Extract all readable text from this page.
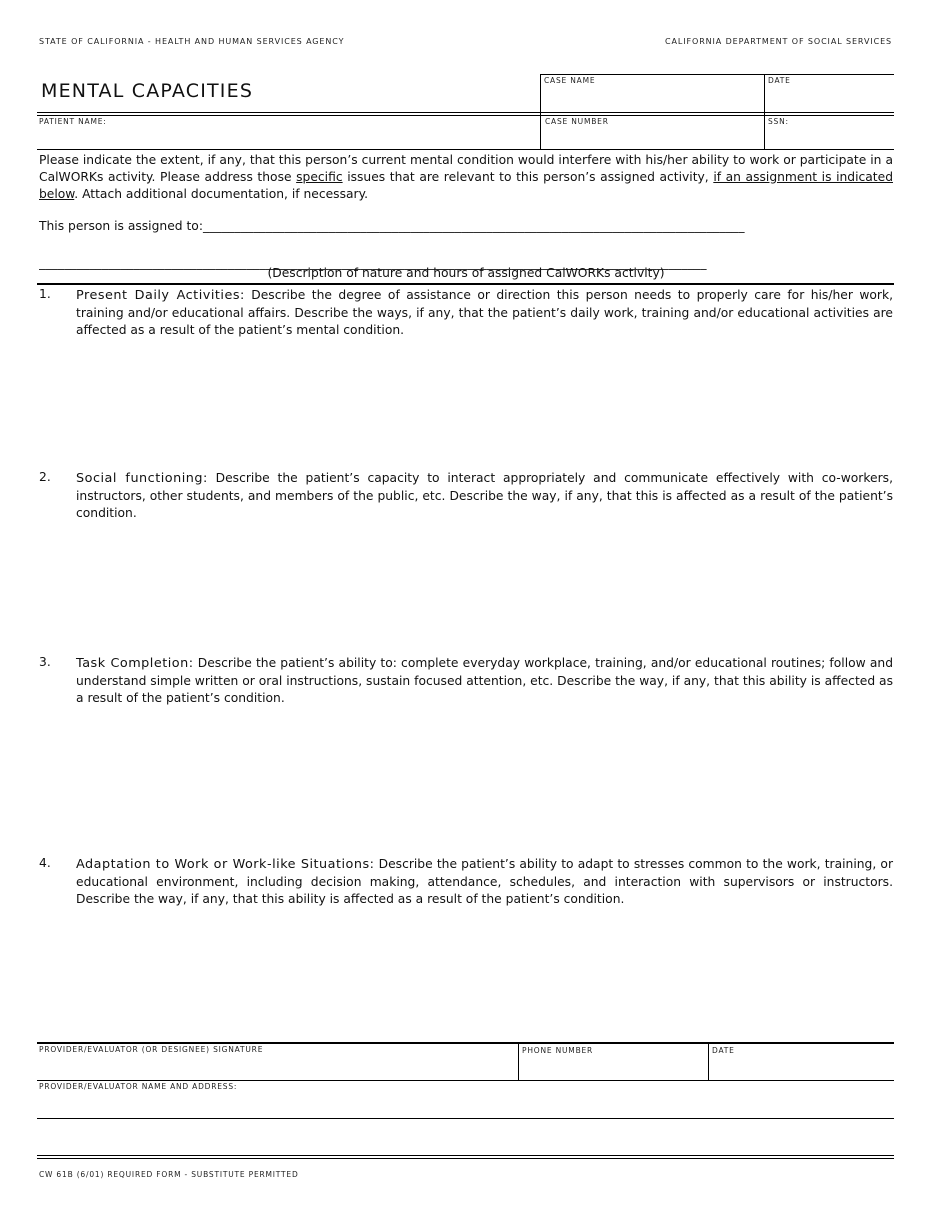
STATE OF CALIFORNIA - HEALTH AND HUMAN SERVICES AGENCY	CALIFORNIA DEPARTMENT OF SOCIAL SERVICES
MENTAL CAPACITIES	CASE NAME	DATE
PATIENT NAME:	CASE NUMBER	SSN:
Please indicate the extent, if any, that this person’s current mental condition would interfere with his/her ability to work or participate in a CalWORKs activity. Please address those specific issues that are relevant to this person’s assigned activity, if an assignment is indicated below. Attach additional documentation, if necessary.
This person is assigned to:______________________________________________________________________________________
__________________________________________________________________________________________________________
(Description of nature and hours of assigned CalWORKs activity)
1. Present Daily Activities: Describe the degree of assistance or direction this person needs to properly care for his/her work, training and/or educational affairs. Describe the ways, if any, that the patient’s daily work, training and/or educational activities are affected as a result of the patient’s mental condition.
2. Social functioning: Describe the patient’s capacity to interact appropriately and communicate effectively with co-workers, instructors, other students, and members of the public, etc. Describe the way, if any, that this is affected as a result of the patient’s condition.
3. Task Completion: Describe the patient’s ability to: complete everyday workplace, training, and/or educational routines; follow and understand simple written or oral instructions, sustain focused attention, etc. Describe the way, if any, that this ability is affected as a result of the patient’s condition.
4. Adaptation to Work or Work-like Situations: Describe the patient’s ability to adapt to stresses common to the work, training, or educational environment, including decision making, attendance, schedules, and interaction with supervisors or instructors. Describe the way, if any, that this ability is affected as a result of the patient’s condition.
PROVIDER/EVALUATOR (OR DESIGNEE) SIGNATURE	PHONE NUMBER	DATE
PROVIDER/EVALUATOR NAME AND ADDRESS:
CW 61B (6/01) REQUIRED FORM - SUBSTITUTE PERMITTED
